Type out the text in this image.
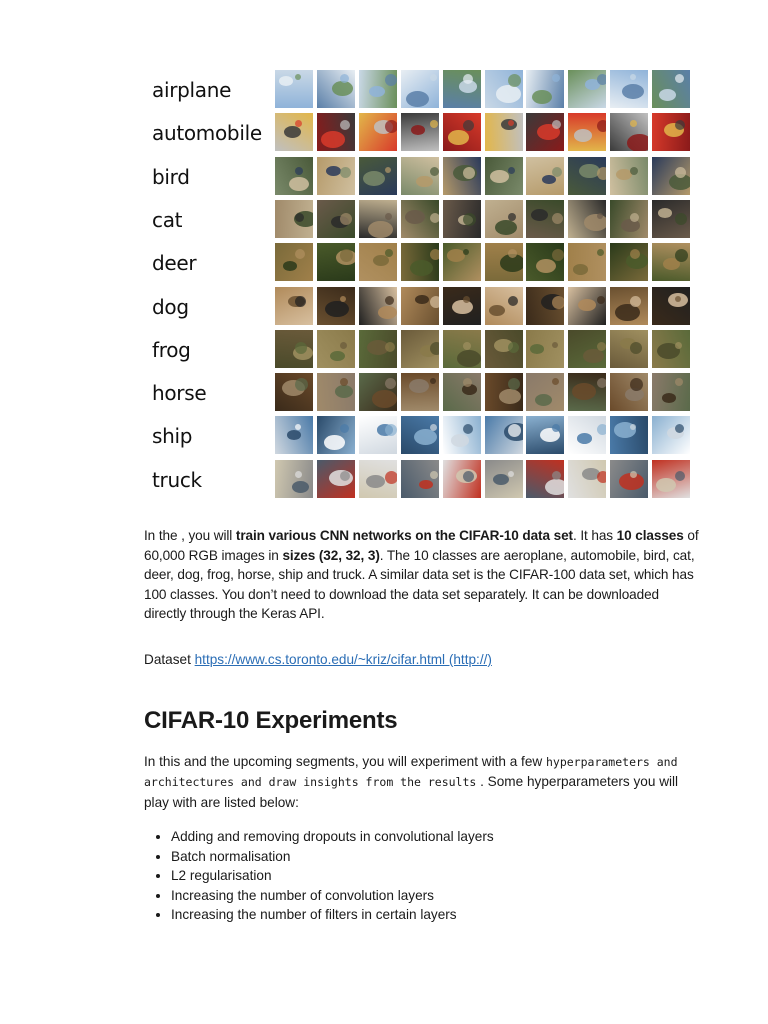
airplane
automobile
bird
cat
deer
dog
frog
horse
ship
truck

In the , you will train various CNN networks on the CIFAR-10 data set. It has 10 classes of 60,000 RGB images in sizes (32, 32, 3). The 10 classes are aeroplane, automobile, bird, cat, deer, dog, frog, horse, ship and truck. A similar data set is the CIFAR-100 data set, which has 100 classes. You don’t need to download the data set separately. It can be downloaded directly through the Keras API.

Dataset https://www.cs.toronto.edu/~kriz/cifar.html (http://)

CIFAR-10 Experiments

In this and the upcoming segments, you will experiment with a few hyperparameters and architectures and draw insights from the results . Some hyperparameters you will play with are listed below:

• Adding and removing dropouts in convolutional layers
• Batch normalisation
• L2 regularisation
• Increasing the number of convolution layers
• Increasing the number of filters in certain layers
